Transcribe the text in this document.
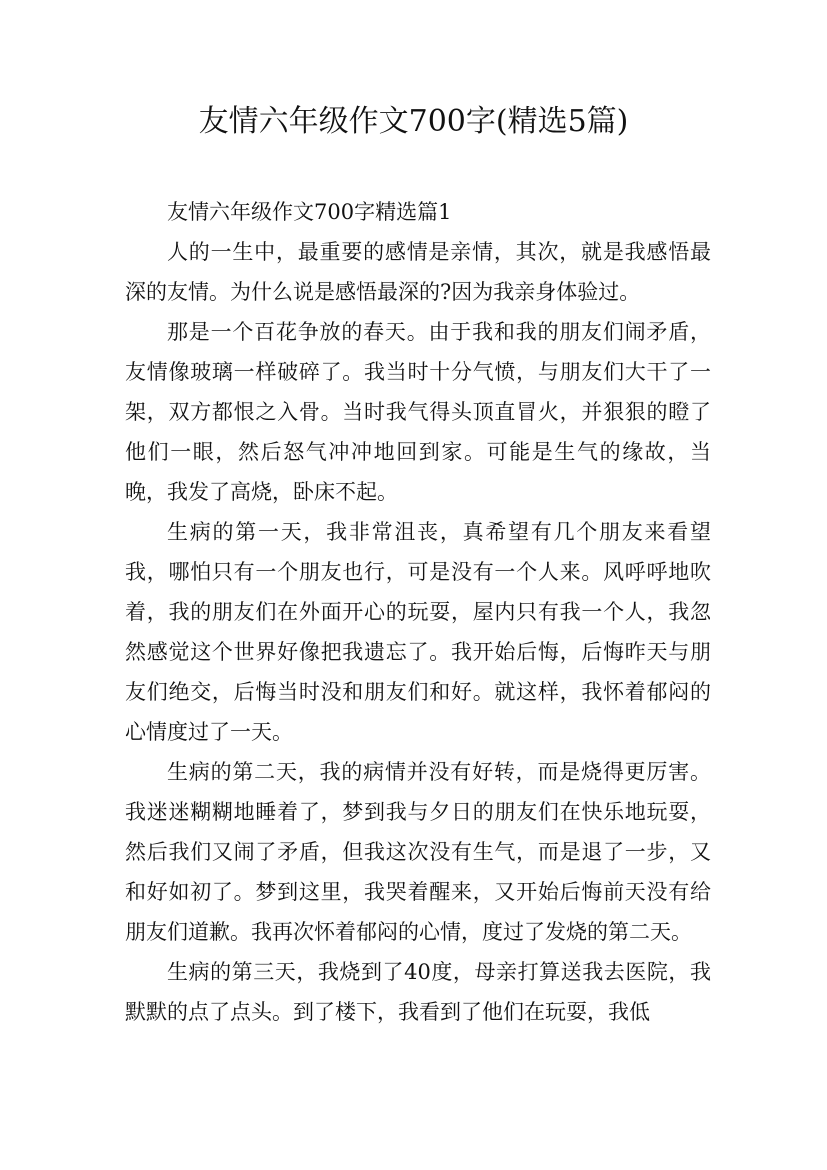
友情六年级作文700字(精选5篇)

友情六年级作文700字精选篇1

人的一生中，最重要的感情是亲情，其次，就是我感悟最深的友情。为什么说是感悟最深的?因为我亲身体验过。

那是一个百花争放的春天。由于我和我的朋友们闹矛盾，友情像玻璃一样破碎了。我当时十分气愤，与朋友们大干了一架，双方都恨之入骨。当时我气得头顶直冒火，并狠狠的瞪了他们一眼，然后怒气冲冲地回到家。可能是生气的缘故，当晚，我发了高烧，卧床不起。

生病的第一天，我非常沮丧，真希望有几个朋友来看望我，哪怕只有一个朋友也行，可是没有一个人来。风呼呼地吹着，我的朋友们在外面开心的玩耍，屋内只有我一个人，我忽然感觉这个世界好像把我遗忘了。我开始后悔，后悔昨天与朋友们绝交，后悔当时没和朋友们和好。就这样，我怀着郁闷的心情度过了一天。

生病的第二天，我的病情并没有好转，而是烧得更厉害。我迷迷糊糊地睡着了，梦到我与夕日的朋友们在快乐地玩耍，然后我们又闹了矛盾，但我这次没有生气，而是退了一步，又和好如初了。梦到这里，我哭着醒来，又开始后悔前天没有给朋友们道歉。我再次怀着郁闷的心情，度过了发烧的第二天。

生病的第三天，我烧到了40度，母亲打算送我去医院，我默默的点了点头。到了楼下，我看到了他们在玩耍，我低
